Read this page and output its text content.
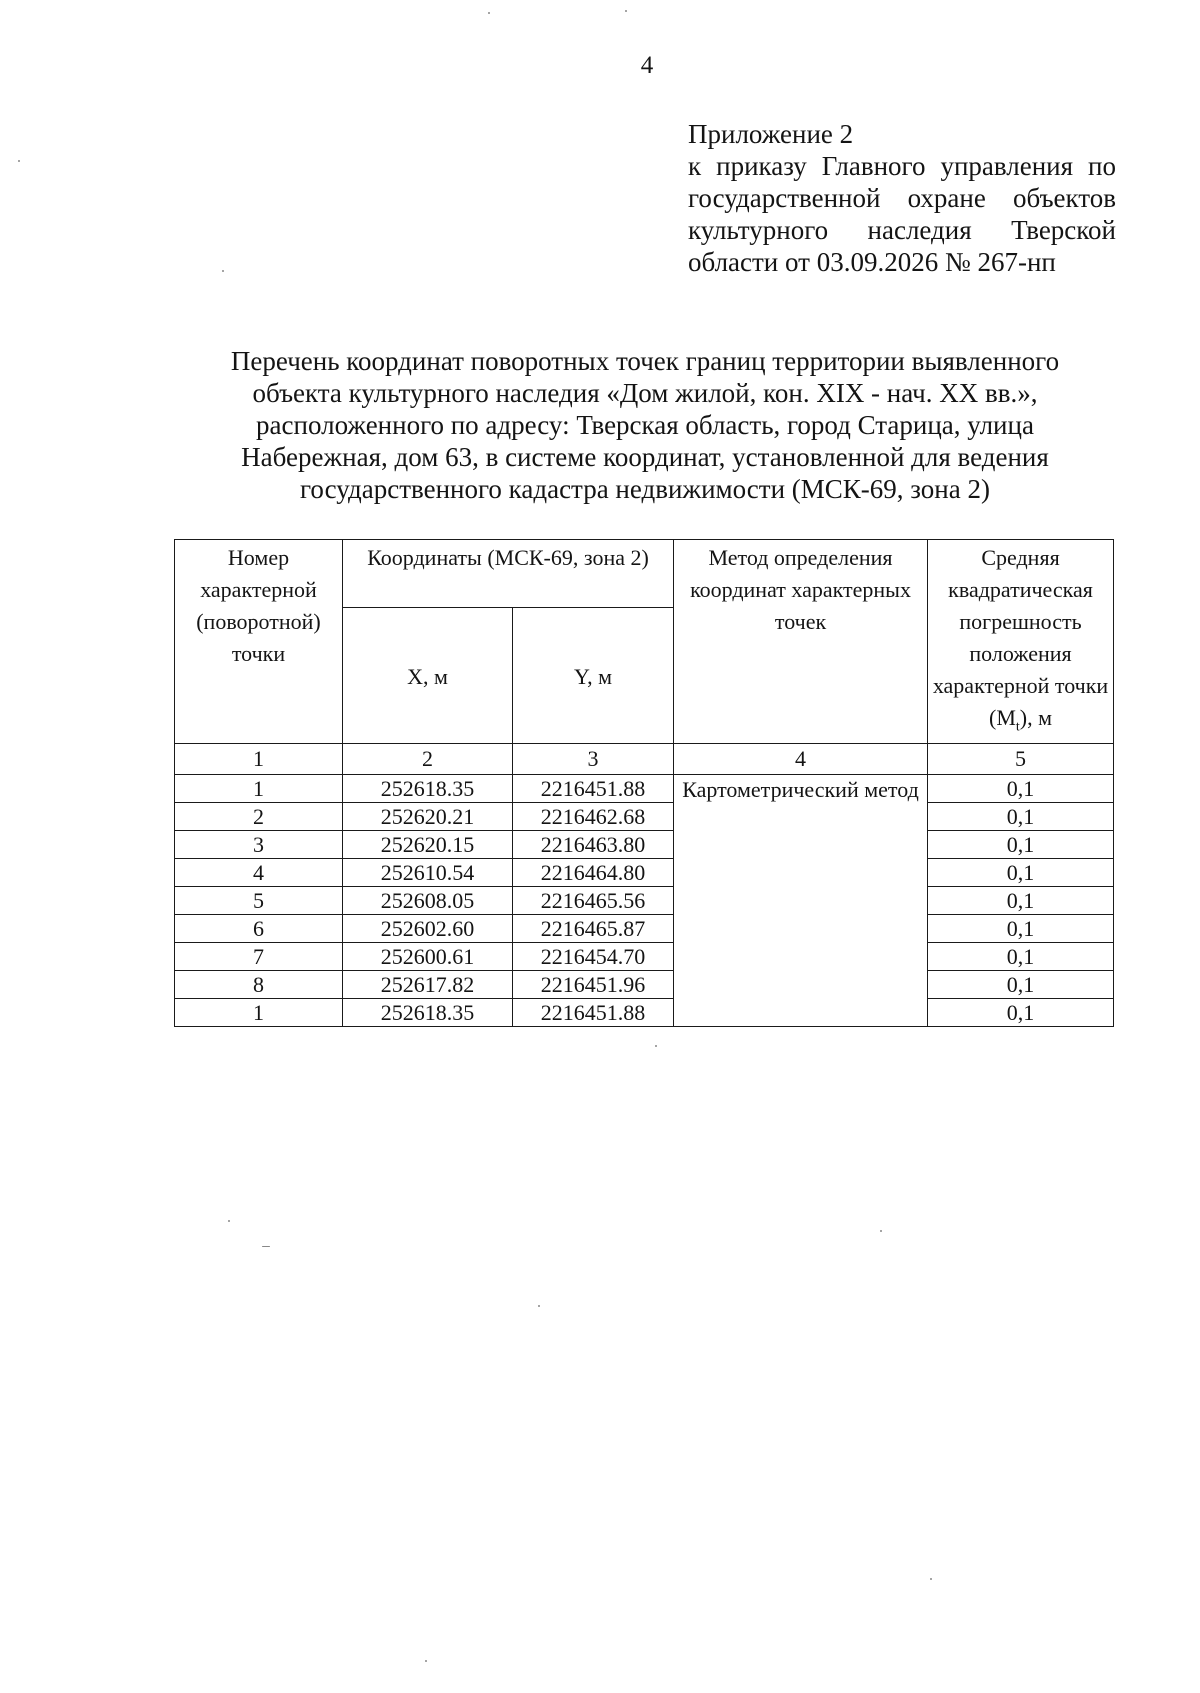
4
Приложение 2
к приказу Главного управления по государственной охране объектов культурного наследия Тверской области от 03.09.2026 № 267-нп
Перечень координат поворотных точек границ территории выявленного объекта культурного наследия «Дом жилой, кон. XIX - нач. XX вв.», расположенного по адресу: Тверская область, город Старица, улица Набережная, дом 63, в системе координат, установленной для ведения государственного кадастра недвижимости (МСК-69, зона 2)
Номер характерной (поворотной) точки	Координаты (МСК-69, зона 2)		Метод определения координат характерных точек	Средняя квадратическая погрешность положения характерной точки $(M_t)$, м
	X, м	Y, м		
1	2	3	4	5
1	252618.35	2216451.88	Картометрический метод	0,1
2	252620.21	2216462.68		0,1
3	252620.15	2216463.80		0,1
4	252610.54	2216464.80		0,1
5	252608.05	2216465.56		0,1
6	252602.60	2216465.87		0,1
7	252600.61	2216454.70		0,1
8	252617.82	2216451.96		0,1
1	252618.35	2216451.88		0,1
